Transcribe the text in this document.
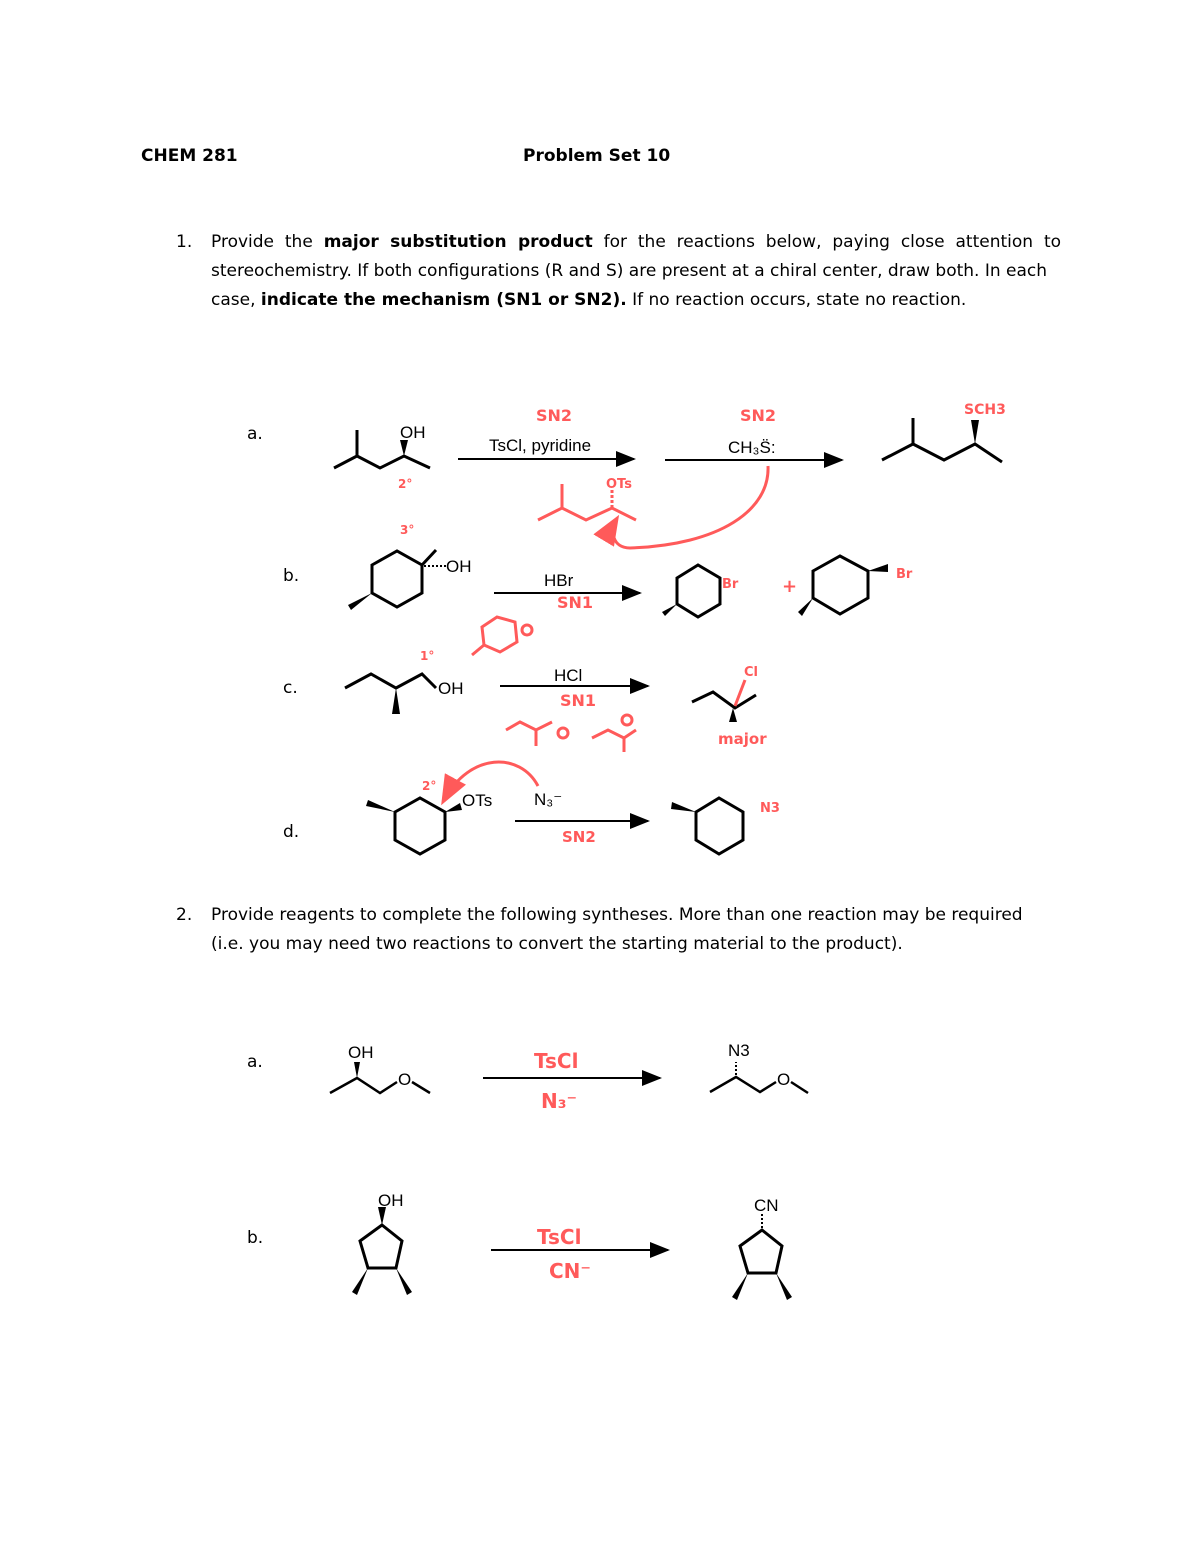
CHEM 281	Problem Set 10
1. Provide the major substitution product for the reactions below, paying close attention to
stereochemistry. If both configurations (R and S) are present at a chiral center, draw both. In each
case, indicate the mechanism (SN1 or SN2). If no reaction occurs, state no reaction.
a.
b.
c.
d.
2. Provide reagents to complete the following syntheses. More than one reaction may be required
(i.e. you may need two reactions to convert the starting material to the product).
a.
b.
OH
2°
TsCl, pyridine
SN2
CH₃S̈:
SN2
OTs
SCH3
OH
3°
HBr
SN1
Br +
Br
OH
1°
HCl
SN1
Cl
major
OTs
2°
N₃⁻
SN2
N3
OH
O
TsCl
N₃⁻
N3
O
OH
TsCl
CN⁻
CN
